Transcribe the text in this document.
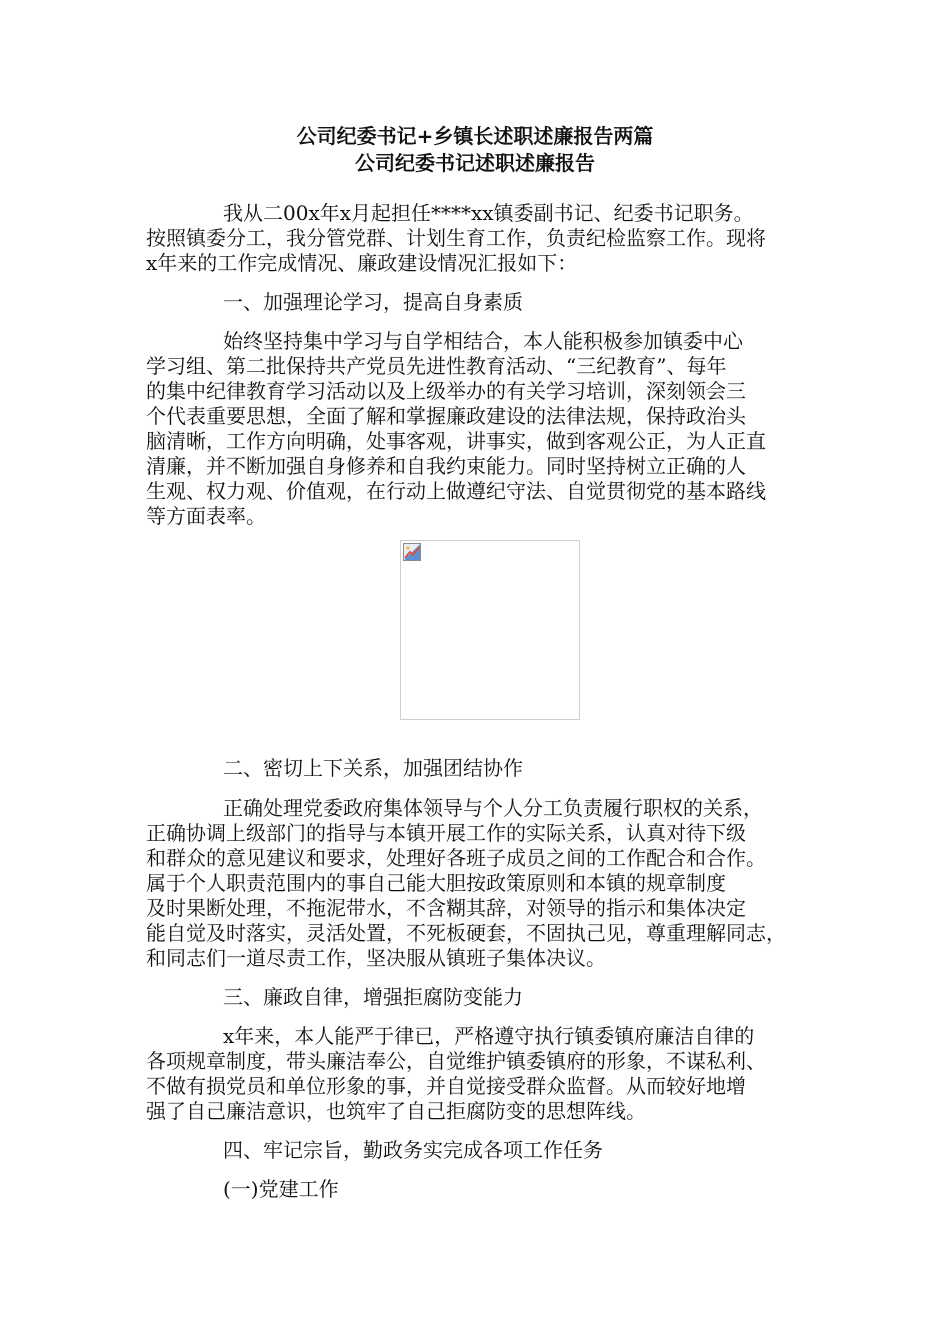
公司纪委书记+乡镇长述职述廉报告两篇
公司纪委书记述职述廉报告
我从二00x年x月起担任****xx镇委副书记、纪委书记职务。
按照镇委分工，我分管党群、计划生育工作，负责纪检监察工作。现将
x年来的工作完成情况、廉政建设情况汇报如下：
一、加强理论学习，提高自身素质
始终坚持集中学习与自学相结合，本人能积极参加镇委中心
学习组、第二批保持共产党员先进性教育活动、“三纪教育”、每年
的集中纪律教育学习活动以及上级举办的有关学习培训，深刻领会三
个代表重要思想，全面了解和掌握廉政建设的法律法规，保持政治头
脑清晰，工作方向明确，处事客观，讲事实，做到客观公正，为人正直
清廉，并不断加强自身修养和自我约束能力。同时坚持树立正确的人
生观、权力观、价值观，在行动上做遵纪守法、自觉贯彻党的基本路线
等方面表率。
二、密切上下关系，加强团结协作
正确处理党委政府集体领导与个人分工负责履行职权的关系，
正确协调上级部门的指导与本镇开展工作的实际关系，认真对待下级
和群众的意见建议和要求，处理好各班子成员之间的工作配合和合作。
属于个人职责范围内的事自己能大胆按政策原则和本镇的规章制度
及时果断处理，不拖泥带水，不含糊其辞，对领导的指示和集体决定
能自觉及时落实，灵活处置，不死板硬套，不固执己见，尊重理解同志，
和同志们一道尽责工作，坚决服从镇班子集体决议。
三、廉政自律，增强拒腐防变能力
x年来，本人能严于律已，严格遵守执行镇委镇府廉洁自律的
各项规章制度，带头廉洁奉公，自觉维护镇委镇府的形象，不谋私利、
不做有损党员和单位形象的事，并自觉接受群众监督。从而较好地增
强了自己廉洁意识，也筑牢了自己拒腐防变的思想阵线。
四、牢记宗旨，勤政务实完成各项工作任务
(一)党建工作
